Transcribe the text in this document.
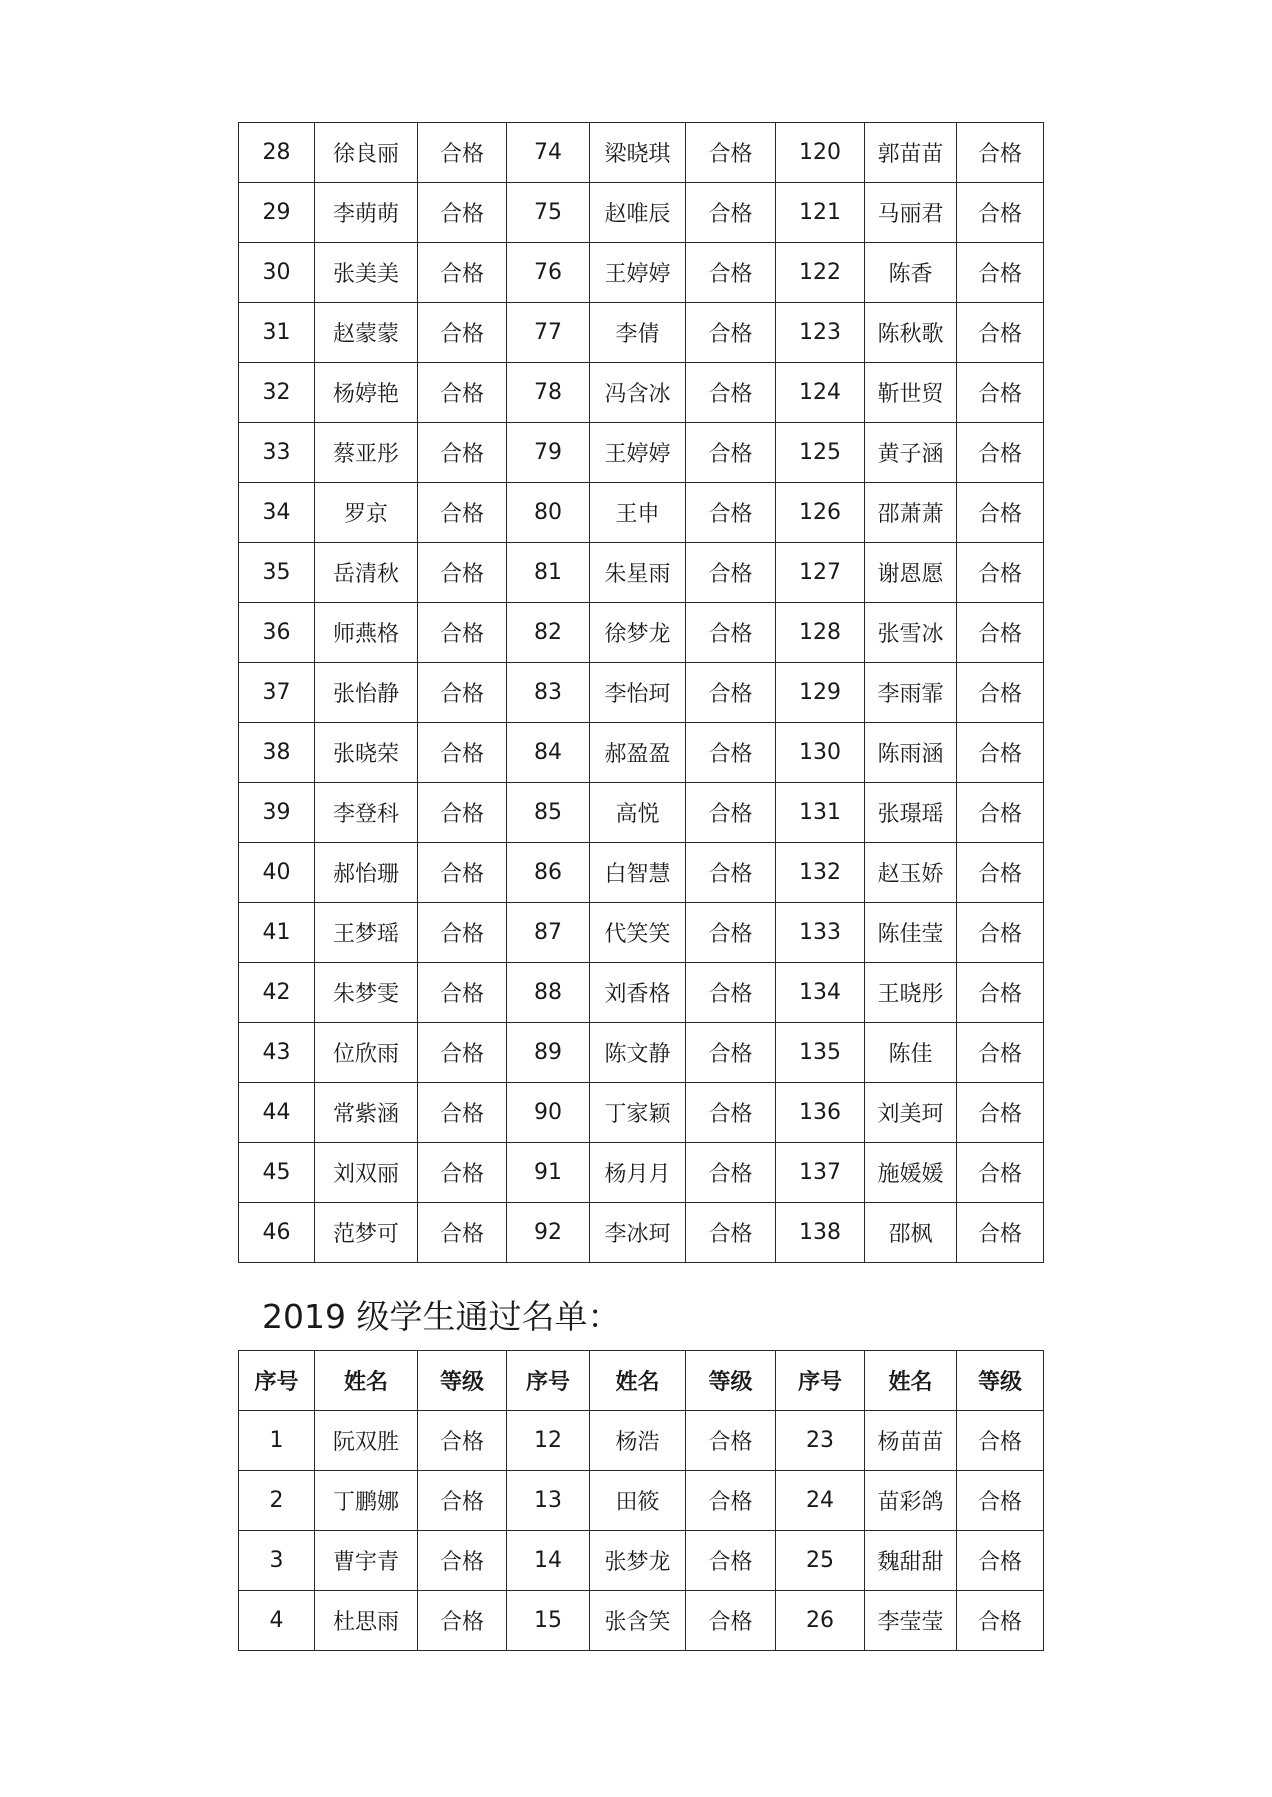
28	徐良丽	合格	74	梁晓琪	合格	120	郭苗苗	合格
29	李萌萌	合格	75	赵唯辰	合格	121	马丽君	合格
30	张美美	合格	76	王婷婷	合格	122	陈香	合格
31	赵蒙蒙	合格	77	李倩	合格	123	陈秋歌	合格
32	杨婷艳	合格	78	冯含冰	合格	124	靳世贸	合格
33	蔡亚彤	合格	79	王婷婷	合格	125	黄子涵	合格
34	罗京	合格	80	王申	合格	126	邵萧萧	合格
35	岳清秋	合格	81	朱星雨	合格	127	谢恩愿	合格
36	师燕格	合格	82	徐梦龙	合格	128	张雪冰	合格
37	张怡静	合格	83	李怡珂	合格	129	李雨霏	合格
38	张晓荣	合格	84	郝盈盈	合格	130	陈雨涵	合格
39	李登科	合格	85	高悦	合格	131	张璟瑶	合格
40	郝怡珊	合格	86	白智慧	合格	132	赵玉娇	合格
41	王梦瑶	合格	87	代笑笑	合格	133	陈佳莹	合格
42	朱梦雯	合格	88	刘香格	合格	134	王晓彤	合格
43	位欣雨	合格	89	陈文静	合格	135	陈佳	合格
44	常紫涵	合格	90	丁家颖	合格	136	刘美珂	合格
45	刘双丽	合格	91	杨月月	合格	137	施媛媛	合格
46	范梦可	合格	92	李冰珂	合格	138	邵枫	合格
2019 级学生通过名单：
序号	姓名	等级	序号	姓名	等级	序号	姓名	等级
1	阮双胜	合格	12	杨浩	合格	23	杨苗苗	合格
2	丁鹏娜	合格	13	田筱	合格	24	苗彩鸽	合格
3	曹宇青	合格	14	张梦龙	合格	25	魏甜甜	合格
4	杜思雨	合格	15	张含笑	合格	26	李莹莹	合格
